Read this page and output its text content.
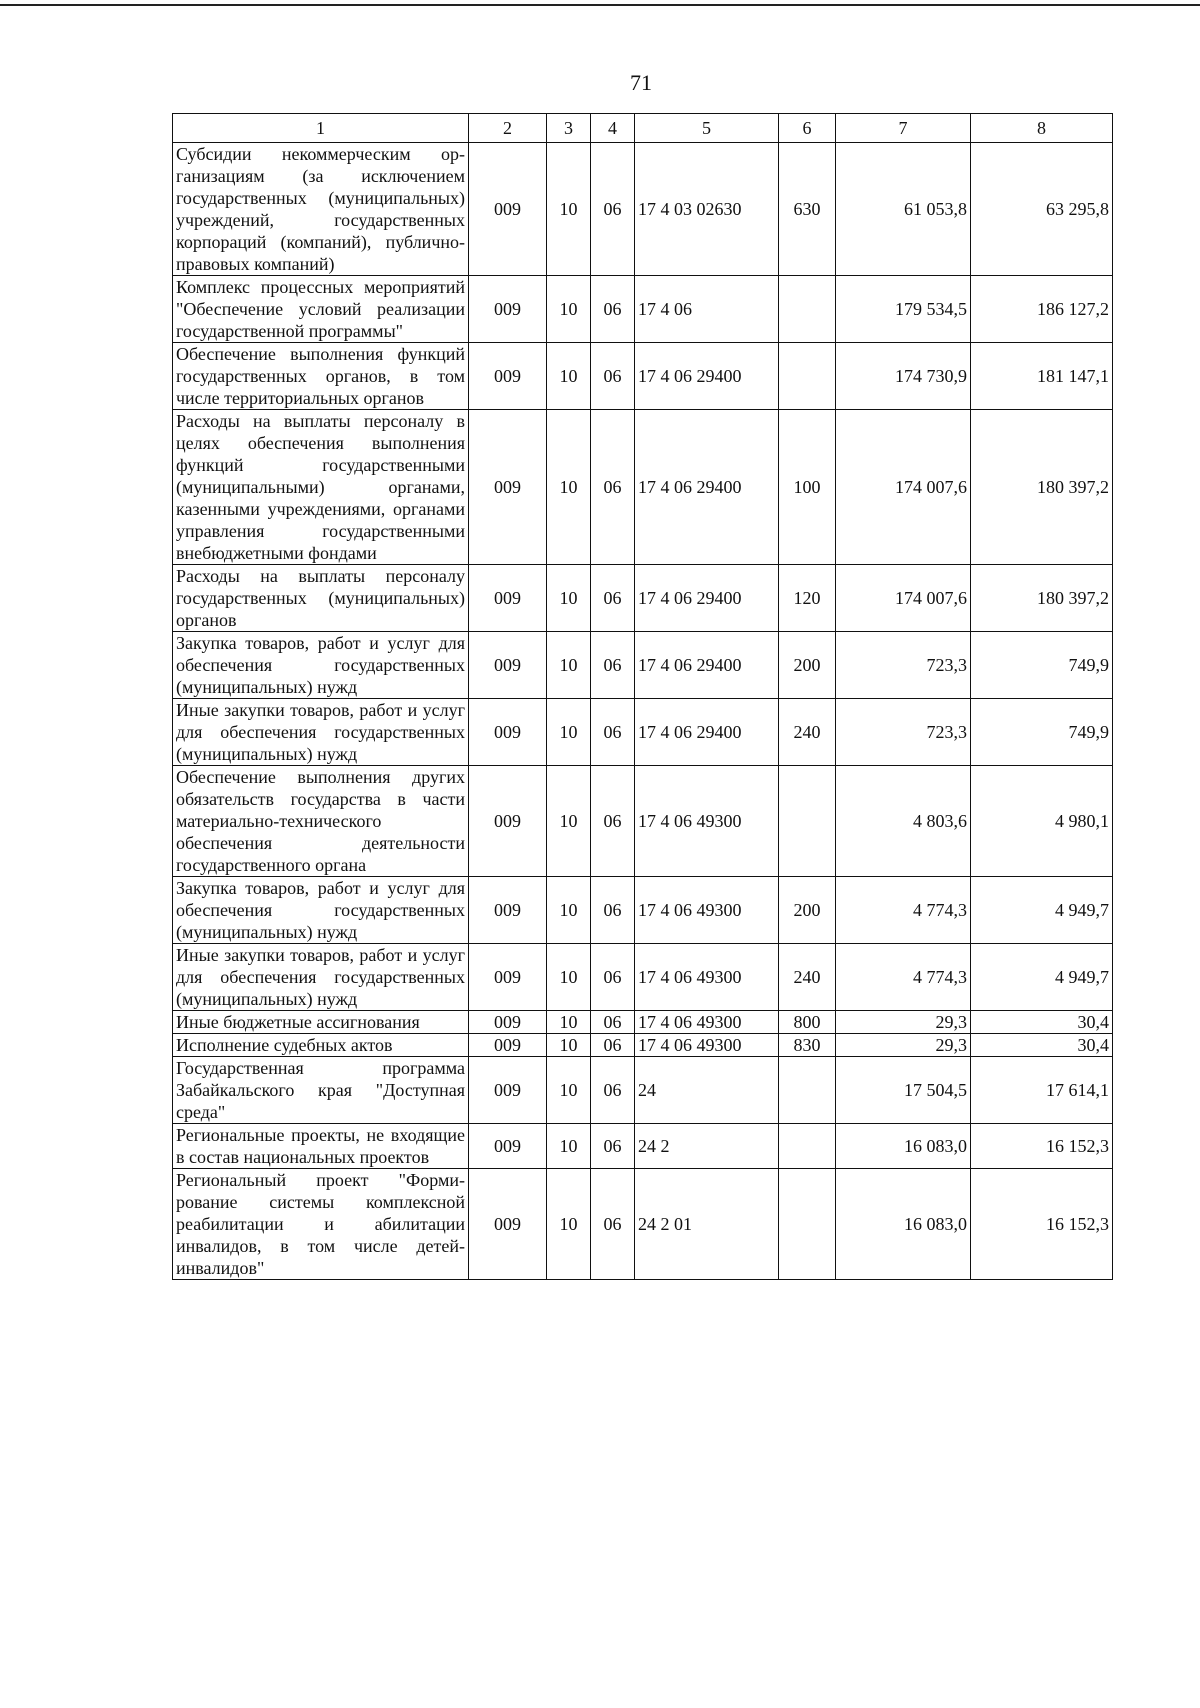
71
1	2	3	4	5	6	7	8
Субсидии некоммерческим организациям (за исключением государственных (муниципальных) учреждений, государственных корпораций (компаний), публично-правовых компаний)	009	10	06	17 4 03 02630	630	61 053,8	63 295,8
Комплекс процессных мероприятий "Обеспечение условий реализации государственной программы"	009	10	06	17 4 06		179 534,5	186 127,2
Обеспечение выполнения функций государственных органов, в том числе территориальных органов	009	10	06	17 4 06 29400		174 730,9	181 147,1
Расходы на выплаты персоналу в целях обеспечения выполнения функций государственными (муниципальными) органами, казенными учреждениями, органами управления государственными внебюджетными фондами	009	10	06	17 4 06 29400	100	174 007,6	180 397,2
Расходы на выплаты персоналу государственных (муниципальных) органов	009	10	06	17 4 06 29400	120	174 007,6	180 397,2
Закупка товаров, работ и услуг для обеспечения государственных (муниципальных) нужд	009	10	06	17 4 06 29400	200	723,3	749,9
Иные закупки товаров, работ и услуг для обеспечения государственных (муниципальных) нужд	009	10	06	17 4 06 29400	240	723,3	749,9
Обеспечение выполнения других обязательств государства в части материально-технического обеспечения деятельности государственного органа	009	10	06	17 4 06 49300		4 803,6	4 980,1
Закупка товаров, работ и услуг для обеспечения государственных (муниципальных) нужд	009	10	06	17 4 06 49300	200	4 774,3	4 949,7
Иные закупки товаров, работ и услуг для обеспечения государственных (муниципальных) нужд	009	10	06	17 4 06 49300	240	4 774,3	4 949,7
Иные бюджетные ассигнования	009	10	06	17 4 06 49300	800	29,3	30,4
Исполнение судебных актов	009	10	06	17 4 06 49300	830	29,3	30,4
Государственная программа Забайкальского края "Доступная среда"	009	10	06	24		17 504,5	17 614,1
Региональные проекты, не входящие в состав национальных проектов	009	10	06	24 2		16 083,0	16 152,3
Региональный проект "Формирование системы комплексной реабилитации и абилитации инвалидов, в том числе детей-инвалидов"	009	10	06	24 2 01		16 083,0	16 152,3
